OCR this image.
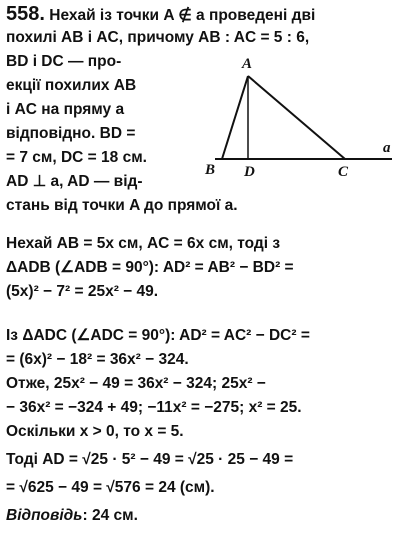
558. Нехай із точки A ∉ a проведені дві
похилі AB і AC, причому AB : AC = 5 : 6,
BD і DC — про-
екції похилих AB
і AC на пряму a
відповідно. BD =
= 7 см, DC = 18 см.
AD ⊥ a, AD — від-
стань від точки A до прямої a.
A
B D	C
a
Нехай AB = 5x см, AC = 6x см, тоді з
ΔADB (∠ADB = 90°): AD² = AB² − BD² =
(5x)² − 7² = 25x² − 49.
Із ΔADC (∠ADC = 90°): AD² = AC² − DC² =
= (6x)² − 18² = 36x² − 324.
Отже, 25x² − 49 = 36x² − 324; 25x² −
− 36x² = −324 + 49; −11x² = −275; x² = 25.
Оскільки x > 0, то x = 5.
Тоді AD = √25 · 5² − 49 = √25 · 25 − 49 =
= √625 − 49 = √576 = 24 (см).
Відповідь: 24 см.
